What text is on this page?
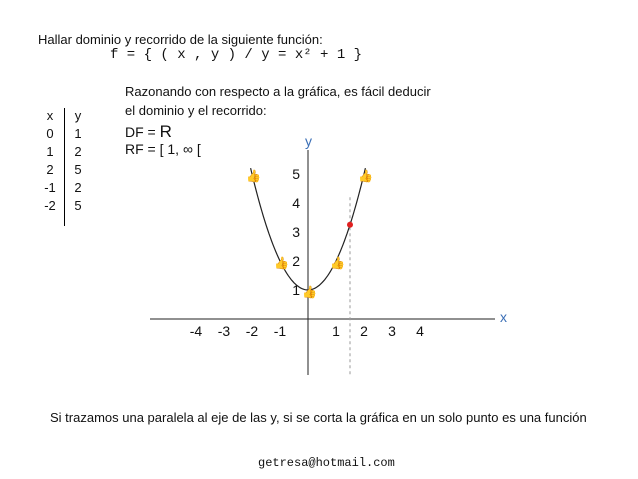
Hallar dominio y recorrido de la siguiente función:
f = { ( x , y ) / y = x² + 1 }
Razonando con respecto a la gráfica, es fácil deducir
el dominio y el recorrido:
DF = R
RF = [ 1, ∞ [
x	y
0	1
1	2
2	5
-1	2
-2	5
x
y
-4 -3 -2 -1	1 2 3 4
1
2
3
4
5
👍
👍
👍
👍
👍
Si trazamos una paralela al eje de las y, si se corta la gráfica en un solo punto es una función
getresa@hotmail.com
